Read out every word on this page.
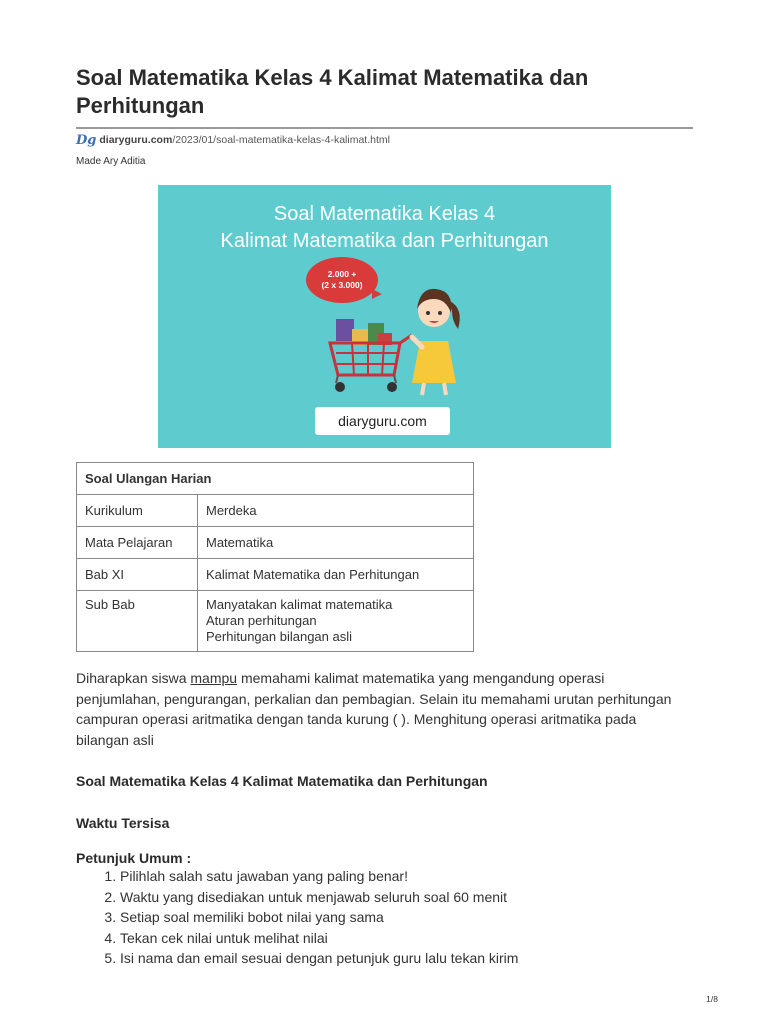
Soal Matematika Kelas 4 Kalimat Matematika dan Perhitungan
Dg diaryguru.com /2023/01/soal-matematika-kelas-4-kalimat.html
Made Ary Aditia
Soal Matematika Kelas 4
Kalimat Matematika dan Perhitungan
2.000 +
(2 x 3.000)
diaryguru.com
Soal Ulangan Harian	
Kurikulum	Merdeka
Mata Pelajaran	Matematika
Bab XI	Kalimat Matematika dan Perhitungan
Sub Bab	Manyatakan kalimat matematika
Aturan perhitungan
Perhitungan bilangan asli

Diharapkan siswa mampu memahami kalimat matematika yang mengandung operasi penjumlahan, pengurangan, perkalian dan pembagian. Selain itu memahami urutan perhitungan campuran operasi aritmatika dengan tanda kurung ( ). Menghitung operasi aritmatika pada bilangan asli

Soal Matematika Kelas 4 Kalimat Matematika dan Perhitungan
Waktu Tersisa
Petunjuk Umum :
1. Pilihlah salah satu jawaban yang paling benar!
2. Waktu yang disediakan untuk menjawab seluruh soal 60 menit
3. Setiap soal memiliki bobot nilai yang sama
4. Tekan cek nilai untuk melihat nilai
5. Isi nama dan email sesuai dengan petunjuk guru lalu tekan kirim
1/8
